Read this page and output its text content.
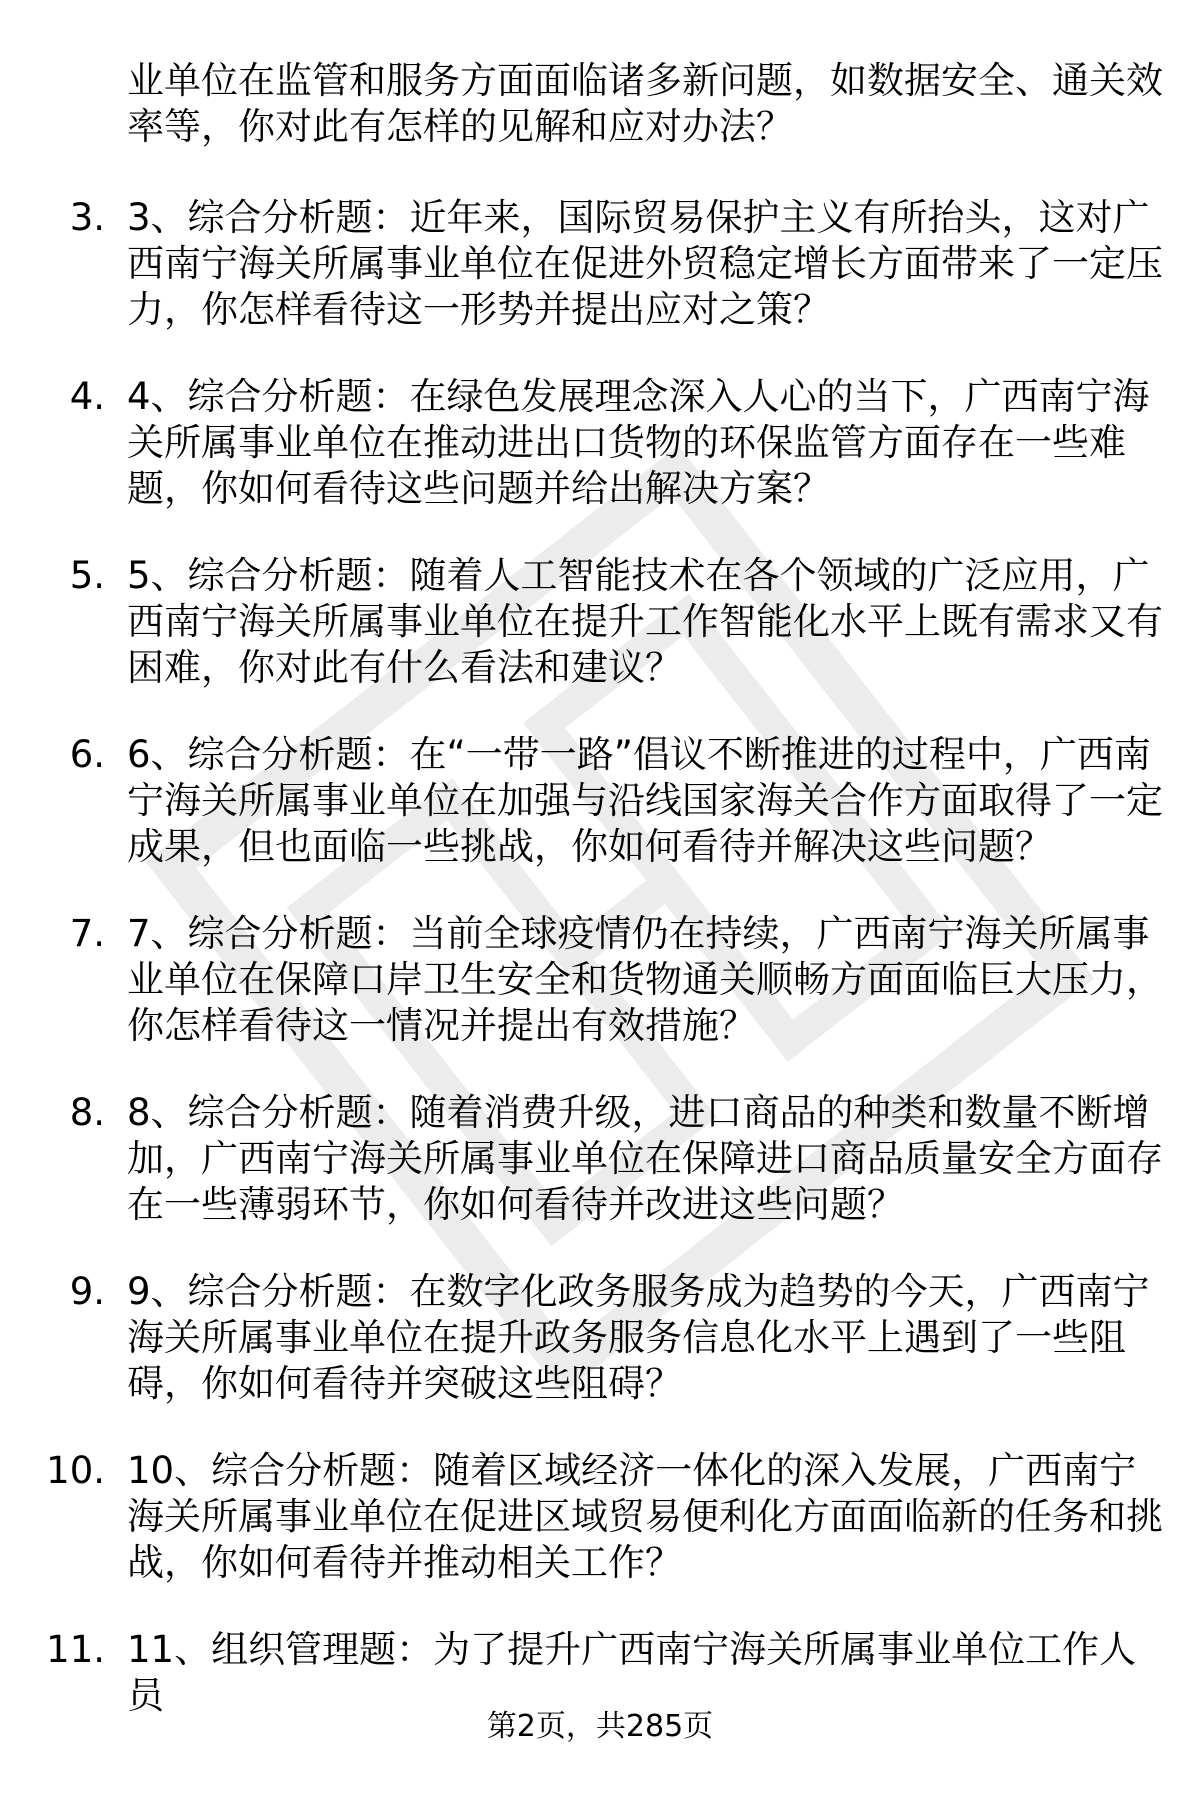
业单位在监管和服务方面面临诸多新问题，如数据安全、通关效率等，你对此有怎样的见解和应对办法？

3. 3、综合分析题：近年来，国际贸易保护主义有所抬头，这对广西南宁海关所属事业单位在促进外贸稳定增长方面带来了一定压力，你怎样看待这一形势并提出应对之策？

4. 4、综合分析题：在绿色发展理念深入人心的当下，广西南宁海关所属事业单位在推动进出口货物的环保监管方面存在一些难题，你如何看待这些问题并给出解决方案？

5. 5、综合分析题：随着人工智能技术在各个领域的广泛应用，广西南宁海关所属事业单位在提升工作智能化水平上既有需求又有困难，你对此有什么看法和建议？

6. 6、综合分析题：在“一带一路”倡议不断推进的过程中，广西南宁海关所属事业单位在加强与沿线国家海关合作方面取得了一定成果，但也面临一些挑战，你如何看待并解决这些问题？

7. 7、综合分析题：当前全球疫情仍在持续，广西南宁海关所属事业单位在保障口岸卫生安全和货物通关顺畅方面面临巨大压力，你怎样看待这一情况并提出有效措施？

8. 8、综合分析题：随着消费升级，进口商品的种类和数量不断增加，广西南宁海关所属事业单位在保障进口商品质量安全方面存在一些薄弱环节，你如何看待并改进这些问题？

9. 9、综合分析题：在数字化政务服务成为趋势的今天，广西南宁海关所属事业单位在提升政务服务信息化水平上遇到了一些阻碍，你如何看待并突破这些阻碍？

10. 10、综合分析题：随着区域经济一体化的深入发展，广西南宁海关所属事业单位在促进区域贸易便利化方面面临新的任务和挑战，你如何看待并推动相关工作？

11. 11、组织管理题：为了提升广西南宁海关所属事业单位工作人员

第2页，共285页
